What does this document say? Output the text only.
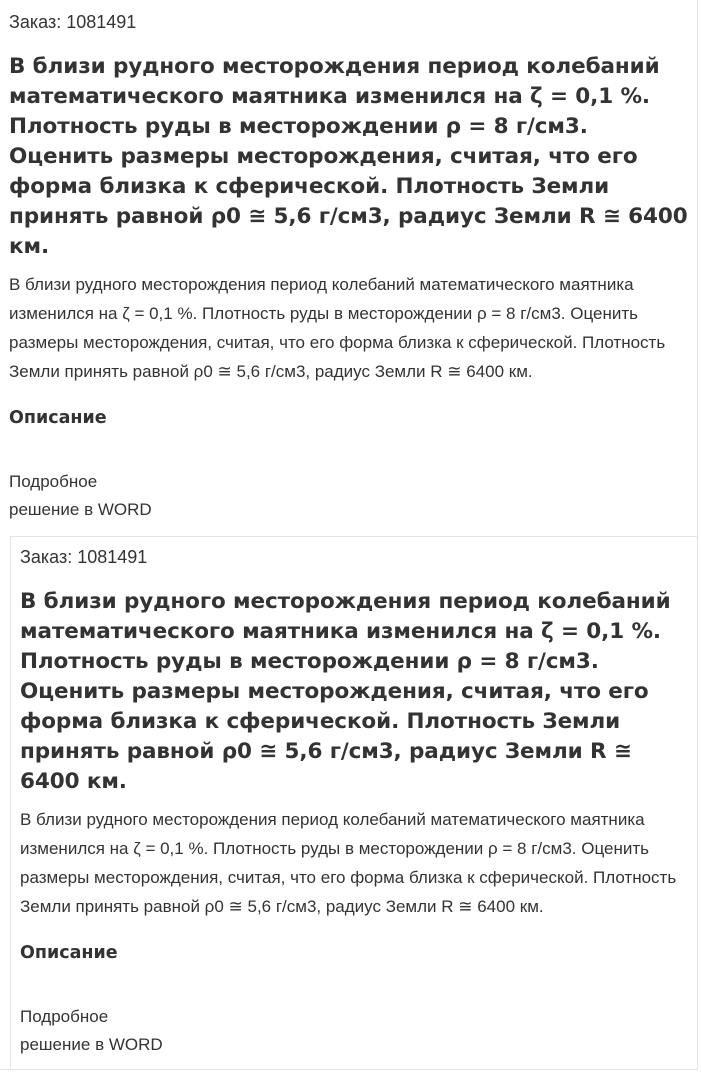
Заказ: 1081491

В близи рудного месторождения период колебаний математического маятника изменился на ζ = 0,1 %. Плотность руды в месторождении ρ = 8 г/см3. Оценить размеры месторождения, считая, что его форма близка к сферической. Плотность Земли принять равной ρ0 ≅ 5,6 г/см3, радиус Земли R ≅ 6400 км.

В близи рудного месторождения период колебаний математического маятника изменился на ζ = 0,1 %. Плотность руды в месторождении ρ = 8 г/см3. Оценить размеры месторождения, считая, что его форма близка к сферической. Плотность Земли принять равной ρ0 ≅ 5,6 г/см3, радиус Земли R ≅ 6400 км.

Описание

Подробное решение в WORD

Заказ: 1081491

В близи рудного месторождения период колебаний математического маятника изменился на ζ = 0,1 %. Плотность руды в месторождении ρ = 8 г/см3. Оценить размеры месторождения, считая, что его форма близка к сферической. Плотность Земли принять равной ρ0 ≅ 5,6 г/см3, радиус Земли R ≅ 6400 км.

В близи рудного месторождения период колебаний математического маятника изменился на ζ = 0,1 %. Плотность руды в месторождении ρ = 8 г/см3. Оценить размеры месторождения, считая, что его форма близка к сферической. Плотность Земли принять равной ρ0 ≅ 5,6 г/см3, радиус Земли R ≅ 6400 км.

Описание

Подробное решение в WORD
